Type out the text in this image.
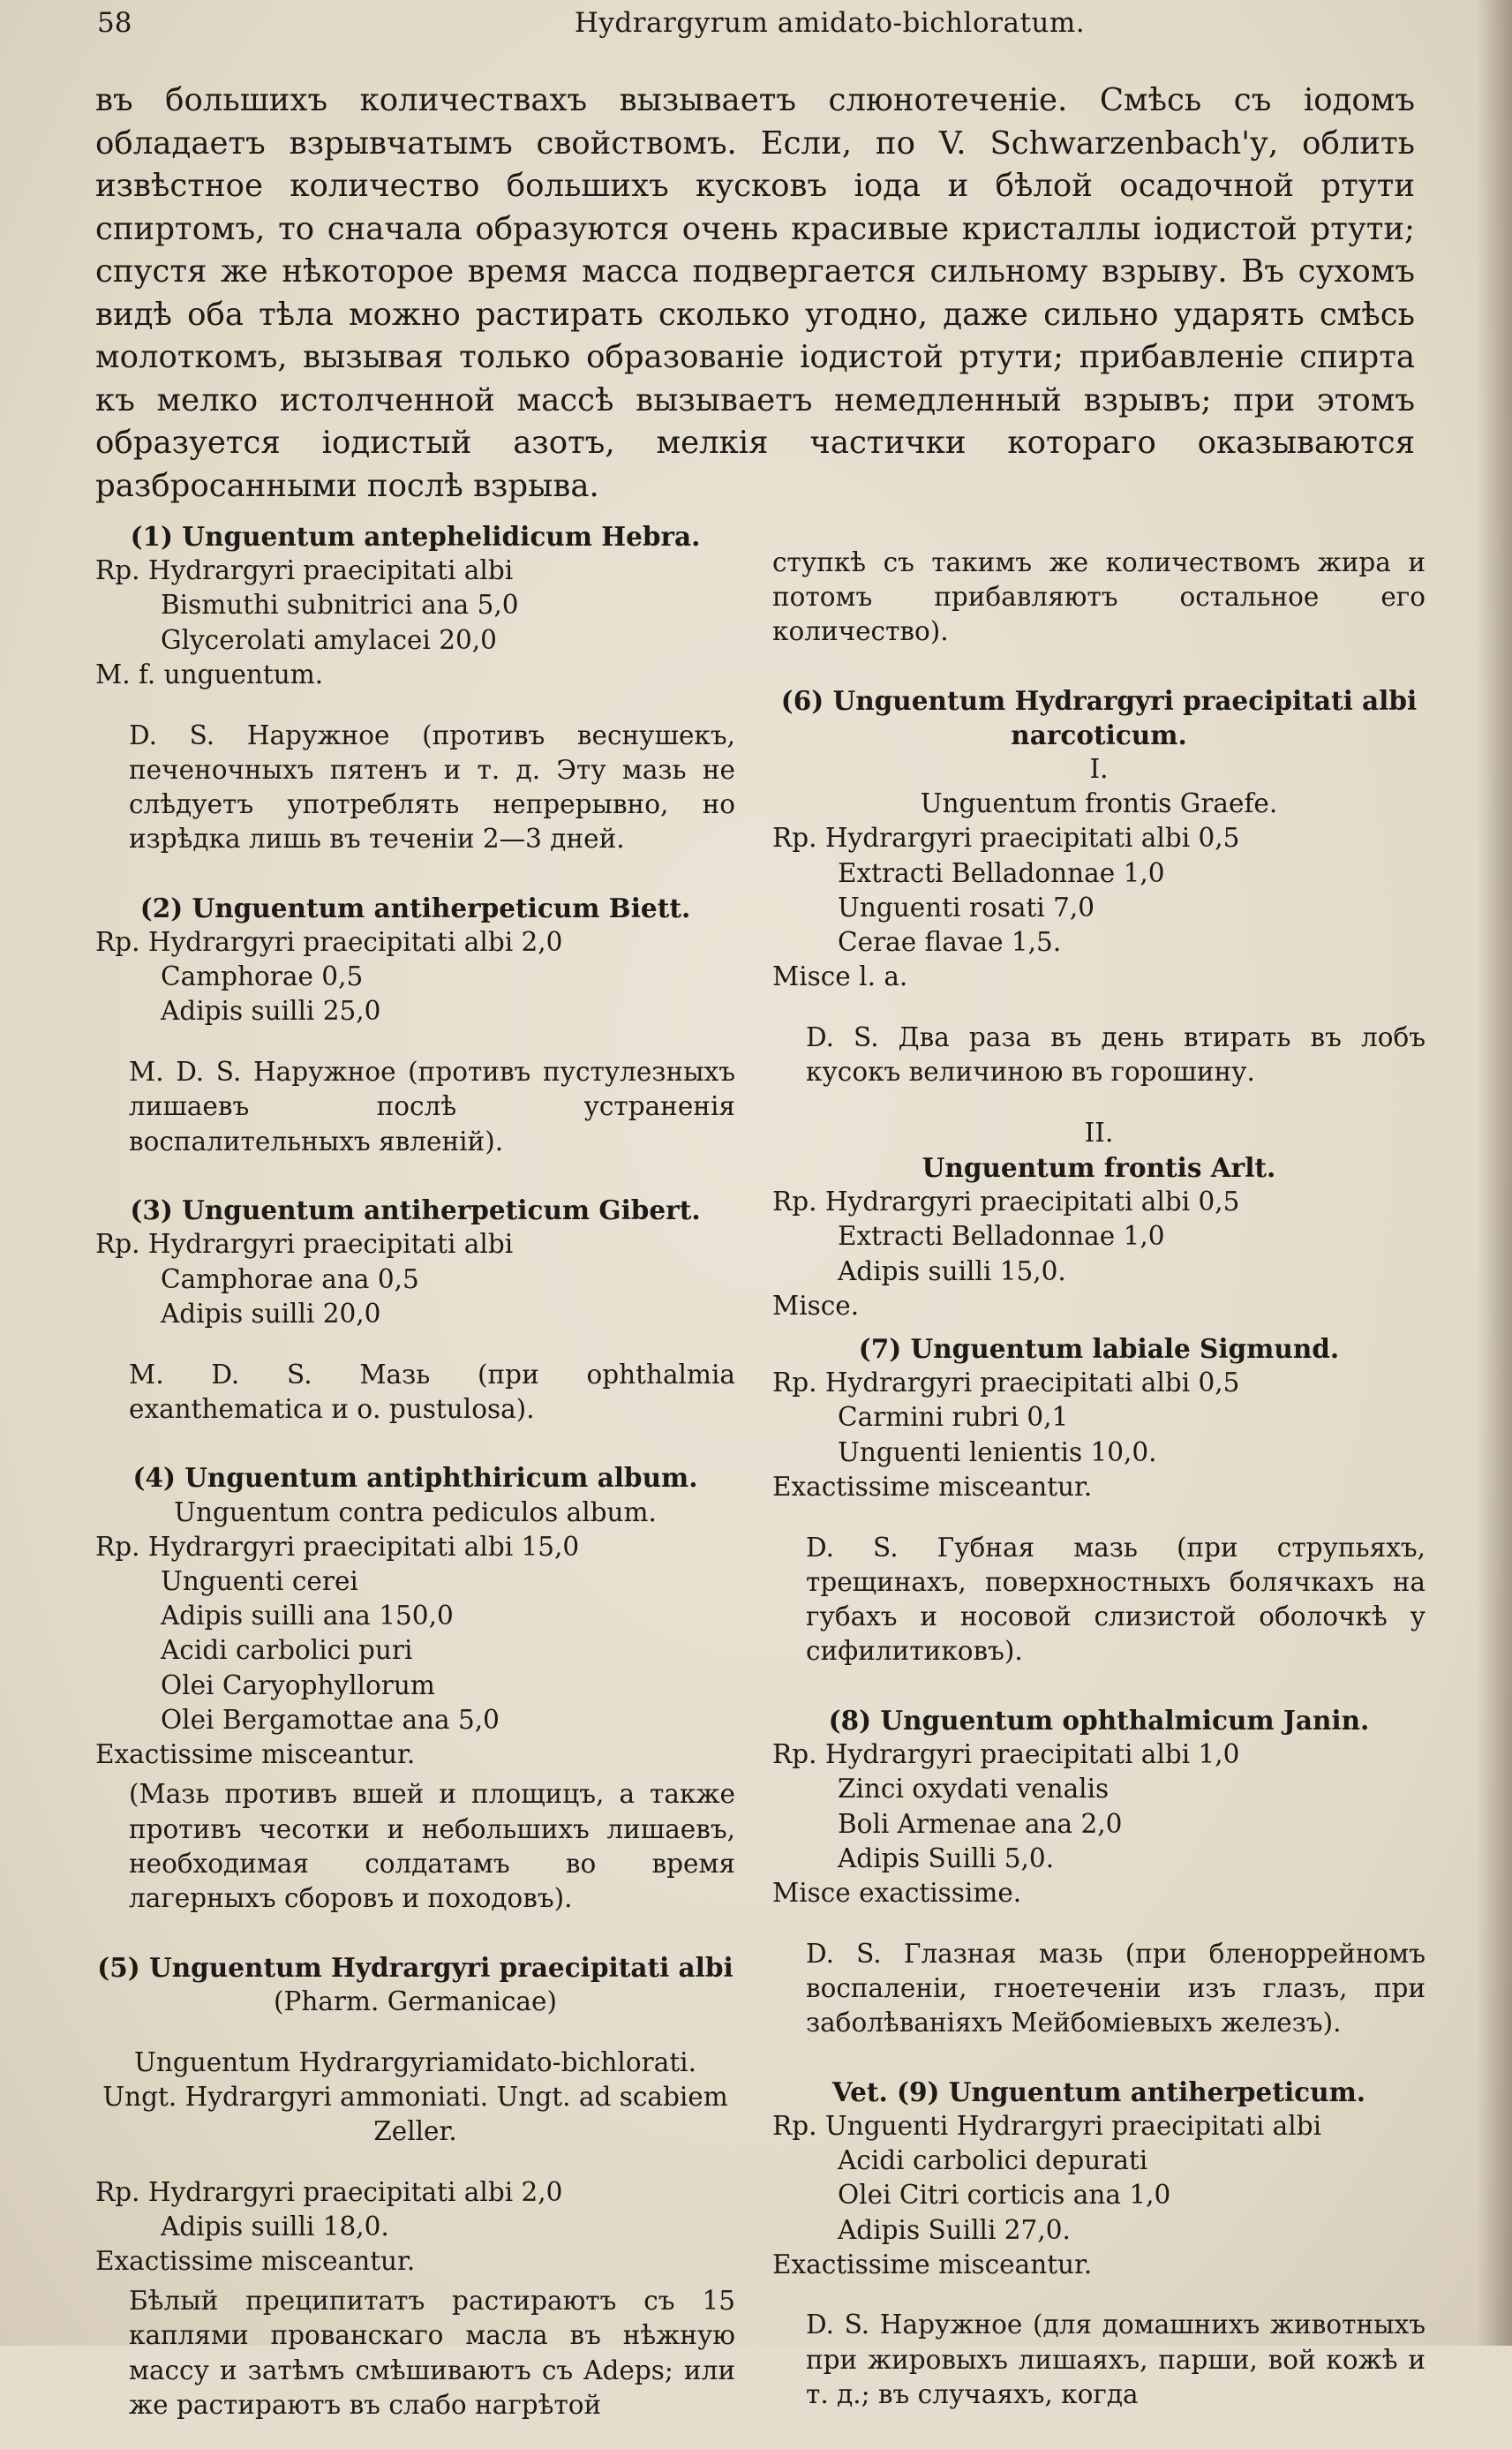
58	Hydrargyrum amidato-bichloratum.
въ большихъ количествахъ вызываетъ слюнотеченіе. Смѣсь съ іодомъ обладаетъ взрывчатымъ свойствомъ. Если, по V. Schwarzenbach'у, облить извѣстное количество большихъ кусковъ іода и бѣлой осадочной ртути спиртомъ, то сначала образуются очень красивые кристаллы іодистой ртути; спустя же нѣкоторое время масса подвергается сильному взрыву. Въ сухомъ видѣ оба тѣла можно растирать сколько угодно, даже сильно ударять смѣсь молоткомъ, вызывая только образованіе іодистой ртути; прибавленіе спирта къ мелко истолченной массѣ вызываетъ немедленный взрывъ; при этомъ образуется іодистый азотъ, мелкія частички котораго оказываются разбросанными послѣ взрыва.

(1) Unguentum antephelidicum Hebra.

Rp. Hydrargyri praecipitati albi

Bismuthi subnitrici ana 5,0

Glycerolati amylacei 20,0

M. f. unguentum.

D. S. Наружное (противъ веснушекъ, печеночныхъ пятенъ и т. д. Эту мазь не слѣдуетъ употреблять непрерывно, но изрѣдка лишь въ теченіи 2—3 дней.

(2) Unguentum antiherpeticum Biett.

Rp. Hydrargyri praecipitati albi 2,0

Camphorae 0,5

Adipis suilli 25,0

M. D. S. Наружное (противъ пустулезныхъ лишаевъ послѣ устраненія воспалительныхъ явленій).

(3) Unguentum antiherpeticum Gibert.

Rp. Hydrargyri praecipitati albi

Camphorae ana 0,5

Adipis suilli 20,0

M. D. S. Мазь (при ophthalmia exanthematica и о. pustulosa).

(4) Unguentum antiphthiricum album.

Unguentum contra pediculos album.

Rp. Hydrargyri praecipitati albi 15,0

Unguenti cerei

Adipis suilli ana 150,0

Acidi carbolici puri

Olei Caryophyllorum

Olei Bergamottae ana 5,0

Exactissime misceantur.

(Мазь противъ вшей и площицъ, а также противъ чесотки и небольшихъ лишаевъ, необходимая солдатамъ во время лагерныхъ сборовъ и походовъ).

(5) Unguentum Hydrargyri praecipitati albi

(Pharm. Germanicae)

Unguentum Hydrargyriamidato-bichlorati. Ungt. Hydrargyri ammoniati. Ungt. ad scabiem Zeller.

Rp. Hydrargyri praecipitati albi 2,0

Adipis suilli 18,0.

Exactissime misceantur.

Бѣлый преципитатъ растираютъ съ 15 каплями прованскаго масла въ нѣжную массу и затѣмъ смѣшиваютъ съ Adeps; или же растираютъ въ слабо нагрѣтой

ступкѣ съ такимъ же количествомъ жира и потомъ прибавляютъ остальное его количество).

(6) Unguentum Hydrargyri praecipitati albi narcoticum.

I.

Unguentum frontis Graefe.

Rp. Hydrargyri praecipitati albi 0,5

Extracti Belladonnae 1,0

Unguenti rosati 7,0

Cerae flavae 1,5.

Misce l. a.

D. S. Два раза въ день втирать въ лобъ кусокъ величиною въ горошину.

II.

Unguentum frontis Arlt.

Rp. Hydrargyri praecipitati albi 0,5

Extracti Belladonnae 1,0

Adipis suilli 15,0.

Misce.

(7) Unguentum labiale Sigmund.

Rp. Hydrargyri praecipitati albi 0,5

Carmini rubri 0,1

Unguenti lenientis 10,0.

Exactissime misceantur.

D. S. Губная мазь (при струпьяхъ, трещинахъ, поверхностныхъ болячкахъ на губахъ и носовой слизистой оболочкѣ у сифилитиковъ).

(8) Unguentum ophthalmicum Janin.

Rp. Hydrargyri praecipitati albi 1,0

Zinci oxydati venalis

Boli Armenae ana 2,0

Adipis Suilli 5,0.

Misce exactissime.

D. S. Глазная мазь (при бленоррейномъ воспаленіи, гноетеченіи изъ глазъ, при заболѣваніяхъ Мейбоміевыхъ железъ).

Vet. (9) Unguentum antiherpeticum.

Rp. Unguenti Hydrargyri praecipitati albi

Acidi carbolici depurati

Olei Citri corticis ana 1,0

Adipis Suilli 27,0.

Exactissime misceantur.

D. S. Наружное (для домашнихъ животныхъ при жировыхъ лишаяхъ, парши, вой кожѣ и т. д.; въ случаяхъ, когда
